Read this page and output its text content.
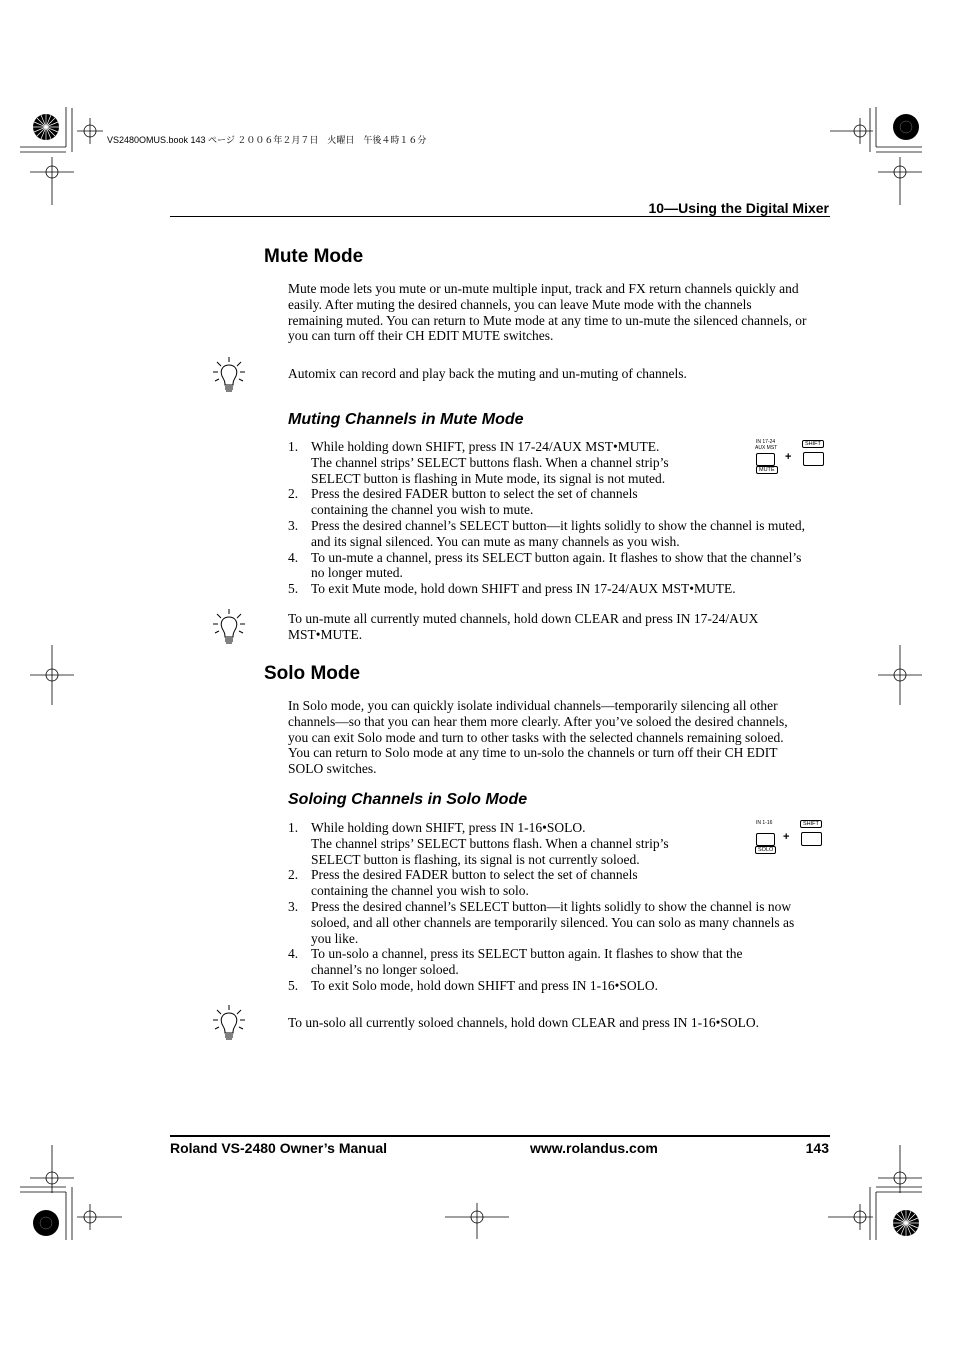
VS2480OMUS.book 143 ページ ２００６年２月７日　火曜日　午後４時１６分
10—Using the Digital Mixer
Mute Mode
Mute mode lets you mute or un-mute multiple input, track and FX return channels quickly and easily. After muting the desired channels, you can leave Mute mode with the channels remaining muted. You can return to Mute mode at any time to un-mute the silenced channels, or you can turn off their CH EDIT MUTE switches.
Automix can record and play back the muting and un-muting of channels.
Muting Channels in Mute Mode
IN 17-24
AUX MST
MUTE
+
SHIFT
1. While holding down SHIFT, press IN 17-24/AUX MST•MUTE.
The channel strips’ SELECT buttons flash. When a channel strip’s SELECT button is flashing in Mute mode, its signal is not muted.
2. Press the desired FADER button to select the set of channels containing the channel you wish to mute.
3. Press the desired channel’s SELECT button—it lights solidly to show the channel is muted, and its signal silenced. You can mute as many channels as you wish.
4. To un-mute a channel, press its SELECT button again. It flashes to show that the channel’s no longer muted.
5. To exit Mute mode, hold down SHIFT and press IN 17-24/AUX MST•MUTE.
To un-mute all currently muted channels, hold down CLEAR and press IN 17-24/AUX MST•MUTE.
Solo Mode
In Solo mode, you can quickly isolate individual channels—temporarily silencing all other channels—so that you can hear them more clearly. After you’ve soloed the desired channels, you can exit Solo mode and turn to other tasks with the selected channels remaining soloed. You can return to Solo mode at any time to un-solo the channels or turn off their CH EDIT SOLO switches.
Soloing Channels in Solo Mode
IN 1-16
SOLO
+
SHIFT
1. While holding down SHIFT, press IN 1-16•SOLO.
The channel strips’ SELECT buttons flash. When a channel strip’s SELECT button is flashing, its signal is not currently soloed.
2. Press the desired FADER button to select the set of channels containing the channel you wish to solo.
3. Press the desired channel’s SELECT button—it lights solidly to show the channel is now soloed, and all other channels are temporarily silenced. You can solo as many channels as you like.
4. To un-solo a channel, press its SELECT button again. It flashes to show that the channel’s no longer soloed.
5. To exit Solo mode, hold down SHIFT and press IN 1-16•SOLO.
To un-solo all currently soloed channels, hold down CLEAR and press IN 1-16•SOLO.
Roland VS-2480 Owner’s Manual	www.rolandus.com	143
